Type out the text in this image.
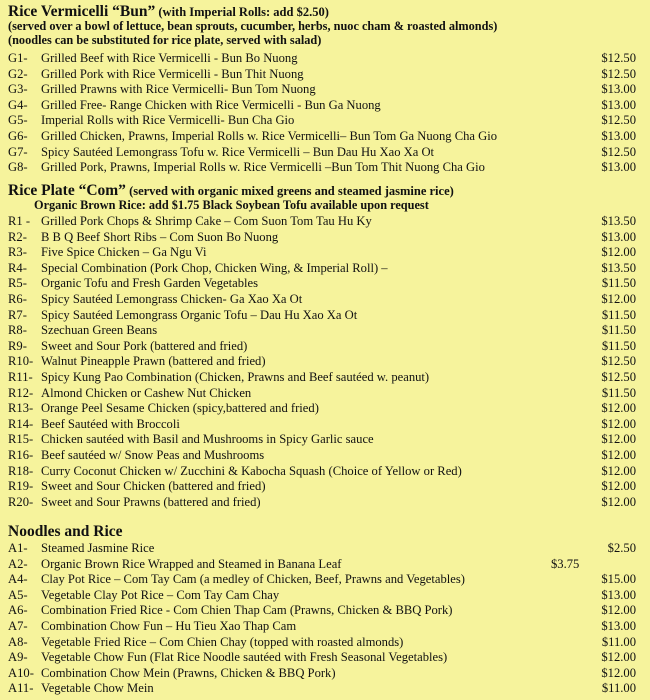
Rice Vermicelli “Bun” (with Imperial Rolls: add $2.50)
(served over a bowl of lettuce, bean sprouts, cucumber, herbs, nuoc cham & roasted almonds)
(noodles can be substituted for rice plate, served with salad)
G1- Grilled Beef with Rice Vermicelli - Bun Bo Nuong	$12.50
G2- Grilled Pork with Rice Vermicelli - Bun Thit Nuong	$12.50
G3- Grilled Prawns with Rice Vermicelli- Bun Tom Nuong	$13.00
G4- Grilled Free- Range Chicken with Rice Vermicelli - Bun Ga Nuong	$13.00
G5- Imperial Rolls with Rice Vermicelli- Bun Cha Gio	$12.50
G6- Grilled Chicken, Prawns, Imperial Rolls w. Rice Vermicelli– Bun Tom Ga Nuong Cha Gio	$13.00
G7- Spicy Sautéed Lemongrass Tofu w. Rice Vermicelli – Bun Dau Hu Xao Xa Ot	$12.50
G8- Grilled Pork, Prawns, Imperial Rolls w. Rice Vermicelli –Bun Tom Thit Nuong Cha Gio	$13.00
Rice Plate “Com” (served with organic mixed greens and steamed jasmine rice)
Organic Brown Rice: add $1.75 Black Soybean Tofu available upon request
R1 - Grilled Pork Chops & Shrimp Cake – Com Suon Tom Tau Hu Ky	$13.50
R2- B B Q Beef Short Ribs – Com Suon Bo Nuong	$13.00
R3- Five Spice Chicken – Ga Ngu Vi	$12.00
R4- Special Combination (Pork Chop, Chicken Wing, & Imperial Roll) –	$13.50
R5- Organic Tofu and Fresh Garden Vegetables	$11.50
R6- Spicy Sautéed Lemongrass Chicken- Ga Xao Xa Ot	$12.00
R7- Spicy Sautéed Lemongrass Organic Tofu – Dau Hu Xao Xa Ot	$11.50
R8- Szechuan Green Beans	$11.50
R9- Sweet and Sour Pork (battered and fried)	$11.50
R10- Walnut Pineapple Prawn (battered and fried)	$12.50
R11- Spicy Kung Pao Combination (Chicken, Prawns and Beef sautéed w. peanut)	$12.50
R12- Almond Chicken or Cashew Nut Chicken	$11.50
R13- Orange Peel Sesame Chicken (spicy,battered and fried)	$12.00
R14- Beef Sautéed with Broccoli	$12.00
R15- Chicken sautéed with Basil and Mushrooms in Spicy Garlic sauce	$12.00
R16- Beef sautéed w/ Snow Peas and Mushrooms	$12.00
R18- Curry Coconut Chicken w/ Zucchini & Kabocha Squash (Choice of Yellow or Red)	$12.00
R19- Sweet and Sour Chicken (battered and fried)	$12.00
R20- Sweet and Sour Prawns (battered and fried)	$12.00
Noodles and Rice
A1- Steamed Jasmine Rice	$2.50
A2- Organic Brown Rice Wrapped and Steamed in Banana Leaf	$3.75
A4- Clay Pot Rice – Com Tay Cam (a medley of Chicken, Beef, Prawns and Vegetables)	$15.00
A5- Vegetable Clay Pot Rice – Com Tay Cam Chay	$13.00
A6- Combination Fried Rice - Com Chien Thap Cam (Prawns, Chicken & BBQ Pork)	$12.00
A7- Combination Chow Fun – Hu Tieu Xao Thap Cam	$13.00
A8- Vegetable Fried Rice – Com Chien Chay (topped with roasted almonds)	$11.00
A9- Vegetable Chow Fun (Flat Rice Noodle sautéed with Fresh Seasonal Vegetables)	$12.00
A10- Combination Chow Mein (Prawns, Chicken & BBQ Pork)	$12.00
A11- Vegetable Chow Mein	$11.00
